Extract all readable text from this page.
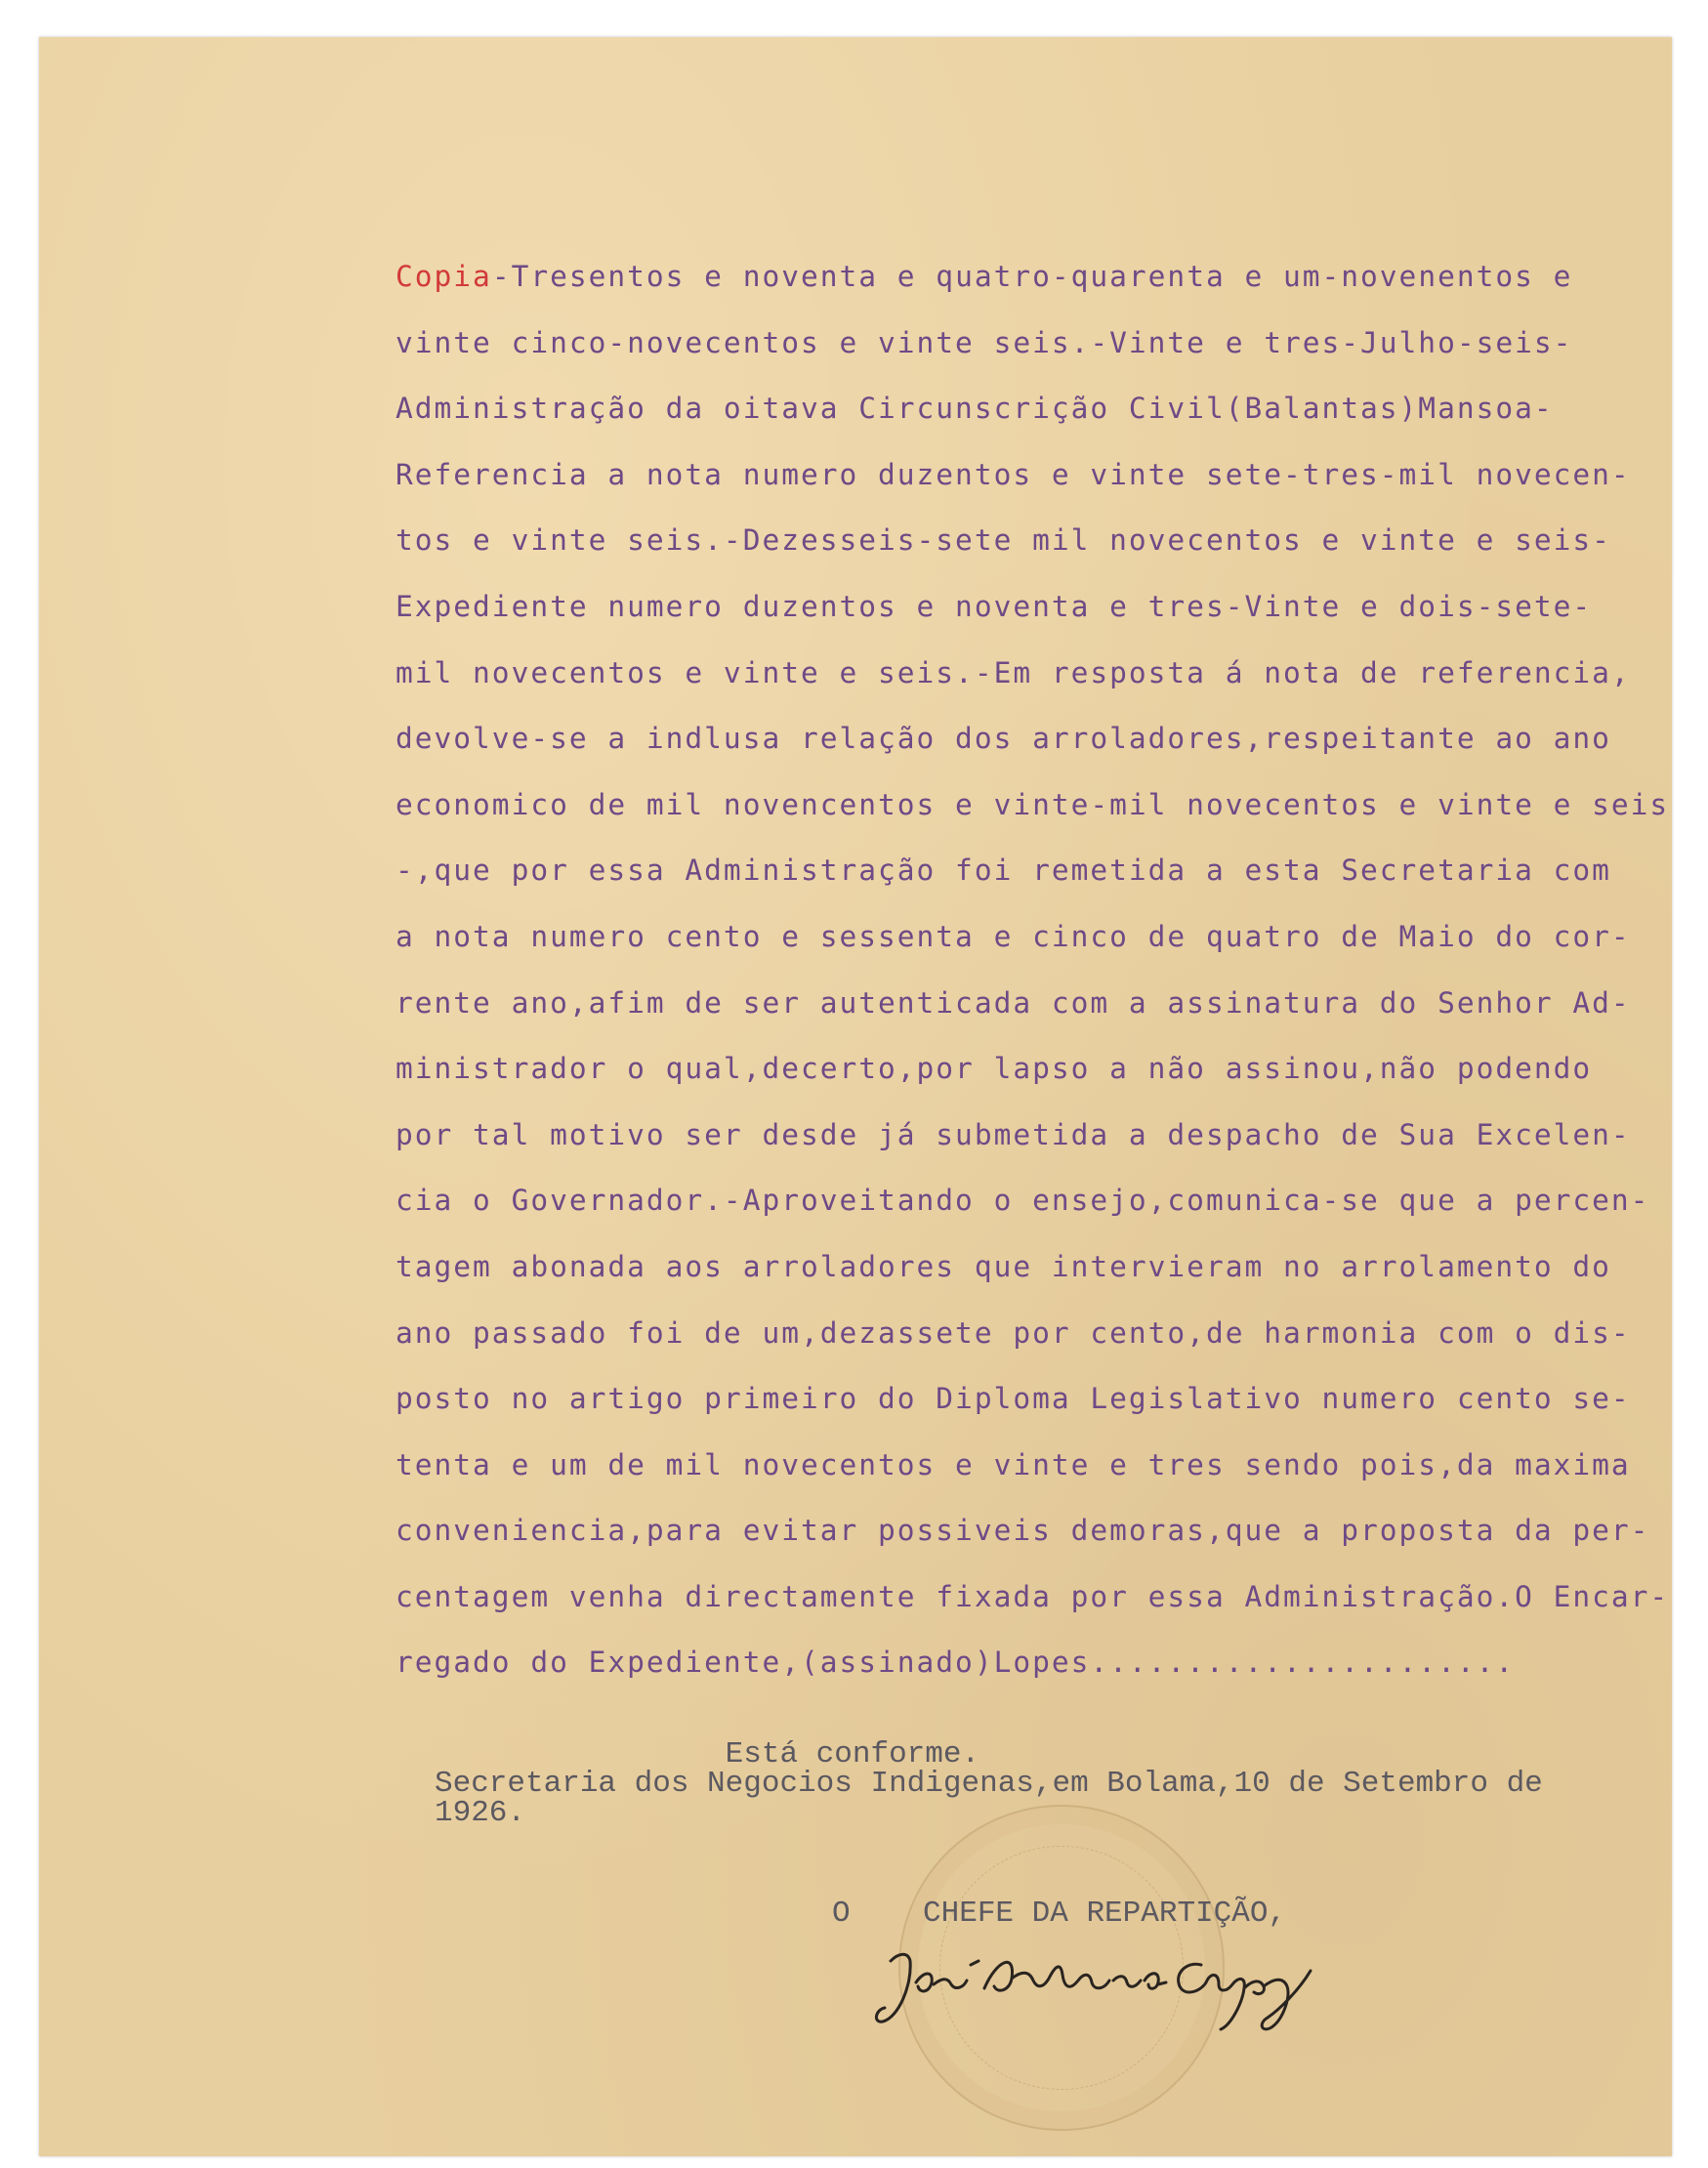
Copia-Tresentos e noventa e quatro-quarenta e um-novenentos e
vinte cinco-novecentos e vinte seis.-Vinte e tres-Julho-seis-
Administração da oitava Circunscrição Civil(Balantas)Mansoa-
Referencia a nota numero duzentos e vinte sete-tres-mil novecen-
tos e vinte seis.-Dezesseis-sete mil novecentos e vinte e seis-
Expediente numero duzentos e noventa e tres-Vinte e dois-sete-
mil novecentos e vinte e seis.-Em resposta á nota de referencia,
devolve-se a indlusa relação dos arroladores,respeitante ao ano
economico de mil novencentos e vinte-mil novecentos e vinte e seis
-,que por essa Administração foi remetida a esta Secretaria com
a nota numero cento e sessenta e cinco de quatro de Maio do cor-
rente ano,afim de ser autenticada com a assinatura do Senhor Ad-
ministrador o qual,decerto,por lapso a não assinou,não podendo
por tal motivo ser desde já submetida a despacho de Sua Excelen-
cia o Governador.-Aproveitando o ensejo,comunica-se que a percen-
tagem abonada aos arroladores que intervieram no arrolamento do
ano passado foi de um,dezassete por cento,de harmonia com o dis-
posto no artigo primeiro do Diploma Legislativo numero cento se-
tenta e um de mil novecentos e vinte e tres sendo pois,da maxima
conveniencia,para evitar possiveis demoras,que a proposta da per-
centagem venha directamente fixada por essa Administração.O Encar-
regado do Expediente,(assinado)Lopes......................
Está conforme.
Secretaria dos Negocios Indigenas,em Bolama,10 de Setembro de
1926.
O    CHEFE DA REPARTIÇÃO,
